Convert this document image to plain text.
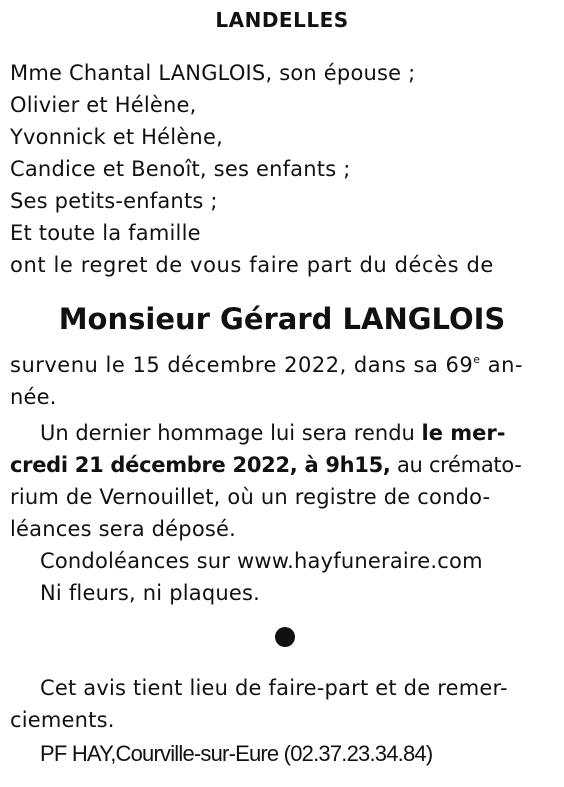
LANDELLES
Mme Chantal LANGLOIS, son épouse ;
Olivier et Hélène,
Yvonnick et Hélène,
Candice et Benoît, ses enfants ;
Ses petits-enfants ;
Et toute la famille
ont le regret de vous faire part du décès de
Monsieur Gérard LANGLOIS
survenu le 15 décembre 2022, dans sa 69e an-
née.
Un dernier hommage lui sera rendu le mer-
credi 21 décembre 2022, à 9h15, au crémato-
rium de Vernouillet, où un registre de condo-
léances sera déposé.
Condoléances sur www.hayfuneraire.com
Ni fleurs, ni plaques.
Cet avis tient lieu de faire-part et de remer-
ciements.
PF HAY,Courville-sur-Eure (02.37.23.34.84)
